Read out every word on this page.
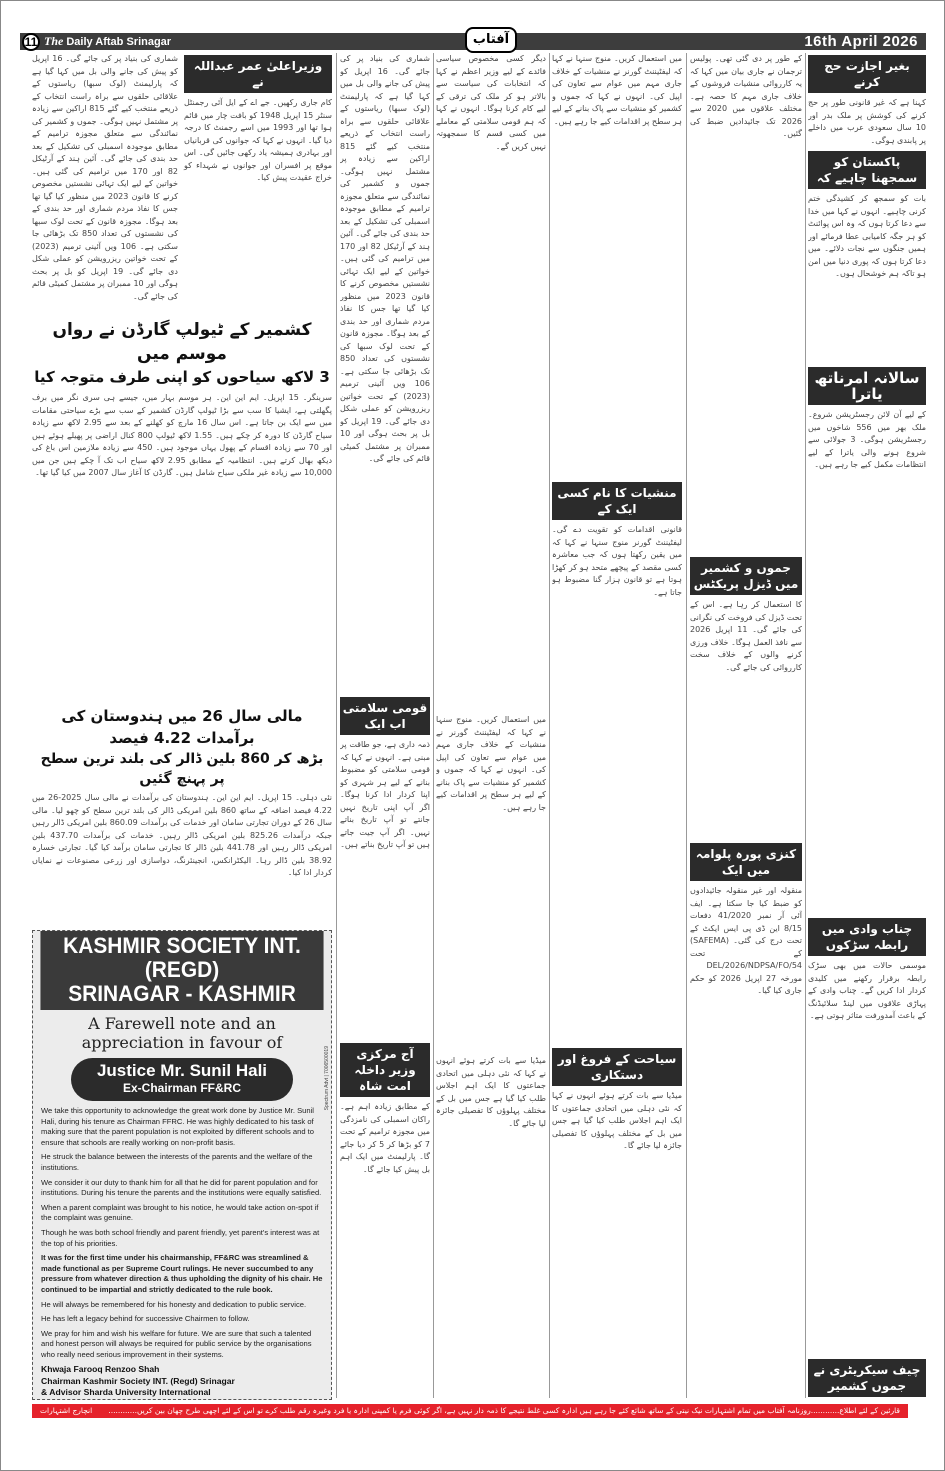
11 The Daily Aftab Srinagar	آفتاب	16th April 2026
وزیراعلیٰ عمر عبداللہ نے

کام جاری رکھیں۔ جے اے کے ایل آئی رجمنٹل سنٹر 15 اپریل 1948 کو بافت چار میں قائم ہوا تھا اور 1993 میں اسے رجمنٹ کا درجہ دیا گیا۔ انہوں نے کہا کہ جوانوں کی قربانیاں اور بہادری ہمیشہ یاد رکھی جائیں گی۔ اس موقع پر افسران اور جوانوں نے شہداء کو خراج عقیدت پیش کیا۔

شماری کی بنیاد پر کی جائے گی۔ 16 اپریل کو پیش کی جانے والی بل میں کہا گیا ہے کہ پارلیمنٹ (لوک سبھا) ریاستوں کے علاقائی حلقوں سے براہ راست انتخاب کے ذریعے منتخب کیے گئے 815 اراکین سے زیادہ پر مشتمل نہیں ہوگی۔ جموں و کشمیر کی نمائندگی سے متعلق مجوزہ ترامیم کے مطابق موجودہ اسمبلی کی تشکیل کے بعد حد بندی کی جائے گی۔ آئین ہند کے آرٹیکل 82 اور 170 میں ترامیم کی گئی ہیں۔ خواتین کے لیے ایک تہائی نشستیں مخصوص کرنے کا قانون 2023 میں منظور کیا گیا تھا جس کا نفاذ مردم شماری اور حد بندی کے بعد ہوگا۔ مجوزہ قانون کے تحت لوک سبھا کی نشستوں کی تعداد 850 تک بڑھائی جا سکتی ہے۔ 106 ویں آئینی ترمیم (2023) کے تحت خواتین ریزرویشن کو عملی شکل دی جائے گی۔ 19 اپریل کو بل پر بحث ہوگی اور 10 ممبران پر مشتمل کمیٹی قائم کی جائے گی۔

کشمیر کے ٹیولپ گارڈن نے رواں موسم میں
3 لاکھ سیاحوں کو اپنی طرف متوجہ کیا

سرینگر۔ 15 اپریل۔ ایم این این۔ ہر موسم بہار میں، جیسے ہی سری نگر میں برف پگھلتی ہے، ایشیا کا سب سے بڑا ٹیولپ گارڈن کشمیر کے سب سے بڑے سیاحتی مقامات میں سے ایک بن جاتا ہے۔ اس سال 16 مارچ کو کھلنے کے بعد سے 2.95 لاکھ سے زیادہ سیاح گارڈن کا دورہ کر چکے ہیں۔ 1.55 لاکھ ٹیولپ 800 کنال اراضی پر پھیلے ہوئے ہیں اور 70 سے زیادہ اقسام کے پھول یہاں موجود ہیں۔ 450 سے زیادہ ملازمین اس باغ کی دیکھ بھال کرتے ہیں۔ انتظامیہ کے مطابق 2.95 لاکھ سیاح اب تک آ چکے ہیں جن میں 10,000 سے زیادہ غیر ملکی سیاح شامل ہیں۔ گارڈن کا آغاز سال 2007 میں کیا گیا تھا۔

مالی سال 26 میں ہندوستان کی برآمدات 4.22 فیصد
بڑھ کر 860 بلین ڈالر کی بلند ترین سطح پر پہنچ گئیں

نئی دہلی۔ 15 اپریل۔ ایم این این۔ ہندوستان کی برآمدات نے مالی سال 2025-26 میں 4.22 فیصد اضافہ کے ساتھ 860 بلین امریکی ڈالر کی بلند ترین سطح کو چھو لیا۔ مالی سال 26 کے دوران تجارتی سامان اور خدمات کی برآمدات 860.09 بلین امریکی ڈالر رہیں جبکہ درآمدات 825.26 بلین امریکی ڈالر رہیں۔ خدمات کی برآمدات 437.70 بلین امریکی ڈالر رہیں اور 441.78 بلین ڈالر کا تجارتی سامان برآمد کیا گیا۔ تجارتی خسارہ 38.92 بلین ڈالر رہا۔ الیکٹرانکس، انجینئرنگ، دواسازی اور زرعی مصنوعات نے نمایاں کردار ادا کیا۔

شماری کی بنیاد پر کی جائے گی۔ 16 اپریل کو پیش کی جانے والی بل میں کہا گیا ہے کہ پارلیمنٹ (لوک سبھا) ریاستوں کے علاقائی حلقوں سے براہ راست انتخاب کے ذریعے منتخب کیے گئے 815 اراکین سے زیادہ پر مشتمل نہیں ہوگی۔ جموں و کشمیر کی نمائندگی سے متعلق مجوزہ ترامیم کے مطابق موجودہ اسمبلی کی تشکیل کے بعد حد بندی کی جائے گی۔ آئین ہند کے آرٹیکل 82 اور 170 میں ترامیم کی گئی ہیں۔ خواتین کے لیے ایک تہائی نشستیں مخصوص کرنے کا قانون 2023 میں منظور کیا گیا تھا جس کا نفاذ مردم شماری اور حد بندی کے بعد ہوگا۔ مجوزہ قانون کے تحت لوک سبھا کی نشستوں کی تعداد 850 تک بڑھائی جا سکتی ہے۔ 106 ویں آئینی ترمیم (2023) کے تحت خواتین ریزرویشن کو عملی شکل دی جائے گی۔ 19 اپریل کو بل پر بحث ہوگی اور 10 ممبران پر مشتمل کمیٹی قائم کی جائے گی۔

قومی سلامتی اب ایک

ذمہ داری ہے، جو طاقت پر مبنی ہے۔ انہوں نے کہا کہ قومی سلامتی کو مضبوط بنانے کے لیے ہر شہری کو اپنا کردار ادا کرنا ہوگا۔ اگر آپ اپنی تاریخ نہیں جانتے تو آپ تاریخ بناتے نہیں۔ اگر آپ جیت جاتے ہیں تو آپ تاریخ بناتے ہیں۔

آج مرکزی وزیر داخلہ امت شاہ

کے مطابق زیادہ اہم ہے۔ راکان اسمبلی کی نامزدگی میں مجوزہ ترامیم کے تحت 7 کو بڑھا کر 5 کر دیا جائے گا۔ پارلیمنٹ میں ایک اہم بل پیش کیا جائے گا۔

دیگر کسی مخصوص سیاسی فائدے کے لیے وزیر اعظم نے کہا کہ انتخابات کی سیاست سے بالاتر ہو کر ملک کی ترقی کے لیے کام کرنا ہوگا۔ انہوں نے کہا کہ ہم قومی سلامتی کے معاملے میں کسی قسم کا سمجھوتہ نہیں کریں گے۔

میں استعمال کریں۔ منوج سنہا نے کہا کہ لیفٹیننٹ گورنر نے منشیات کے خلاف جاری مہم میں عوام سے تعاون کی اپیل کی۔ انہوں نے کہا کہ جموں و کشمیر کو منشیات سے پاک بنانے کے لیے ہر سطح پر اقدامات کیے جا رہے ہیں۔

میڈیا سے بات کرتے ہوئے انہوں نے کہا کہ نئی دہلی میں اتحادی جماعتوں کا ایک اہم اجلاس طلب کیا گیا ہے جس میں بل کے مختلف پہلوؤں کا تفصیلی جائزہ لیا جائے گا۔

میں استعمال کریں۔ منوج سنہا نے کہا کہ لیفٹیننٹ گورنر نے منشیات کے خلاف جاری مہم میں عوام سے تعاون کی اپیل کی۔ انہوں نے کہا کہ جموں و کشمیر کو منشیات سے پاک بنانے کے لیے ہر سطح پر اقدامات کیے جا رہے ہیں۔

منشیات کا نام کسی ایک کے

قانونی اقدامات کو تقویت دے گی۔ لیفٹیننٹ گورنر منوج سنہا نے کہا کہ میں یقین رکھتا ہوں کہ جب معاشرہ کسی مقصد کے پیچھے متحد ہو کر کھڑا ہوتا ہے تو قانون ہزار گنا مضبوط ہو جاتا ہے۔

سیاحت کے فروغ اور دستکاری

میڈیا سے بات کرتے ہوئے انہوں نے کہا کہ نئی دہلی میں اتحادی جماعتوں کا ایک اہم اجلاس طلب کیا گیا ہے جس میں بل کے مختلف پہلوؤں کا تفصیلی جائزہ لیا جائے گا۔

کے طور پر دی گئی تھی۔ پولیس ترجمان نے جاری بیان میں کہا کہ یہ کارروائی منشیات فروشوں کے خلاف جاری مہم کا حصہ ہے۔ مختلف علاقوں میں 2020 سے 2026 تک جائیدادیں ضبط کی گئیں۔

جموں و کشمیر میں ڈیزل پریکٹس

کا استعمال کر رہا ہے۔ اس کے تحت ڈیزل کی فروخت کی نگرانی کی جائے گی۔ 11 اپریل 2026 سے نافذ العمل ہوگا۔ خلاف ورزی کرنے والوں کے خلاف سخت کارروائی کی جائے گی۔

کنزی پورہ پلوامہ میں ایک

منقولہ اور غیر منقولہ جائیدادوں کو ضبط کیا جا سکتا ہے۔ ایف آئی آر نمبر 41/2020 دفعات 8/15 این ڈی پی ایس ایکٹ کے تحت درج کی گئی۔ (SAFEMA) کے تحت DEL/2026/NDPSA/FO/54 مورخہ 27 اپریل 2026 کو حکم جاری کیا گیا۔

بغیر اجازت حج کرنے

کہنا ہے کہ غیر قانونی طور پر حج کرنے کی کوشش پر ملک بدر اور 10 سال سعودی عرب میں داخلے پر پابندی ہوگی۔

پاکستان کو سمجھنا چاہیے کہ

بات کو سمجھ کر کشیدگی ختم کرنی چاہیے۔ انہوں نے کہا میں خدا سے دعا کرتا ہوں کہ وہ اس پوائنٹ کو ہر جگہ کامیابی عطا فرمائے اور ہمیں جنگوں سے نجات دلائے۔ میں دعا کرتا ہوں کہ پوری دنیا میں امن ہو تاکہ ہم خوشحال ہوں۔

سالانہ امرناتھ یاترا

کے لیے آن لائن رجسٹریشن شروع۔ ملک بھر میں 556 شاخوں میں رجسٹریشن ہوگی۔ 3 جولائی سے شروع ہونے والی یاترا کے لیے انتظامات مکمل کیے جا رہے ہیں۔

چناب وادی میں رابطہ سڑکوں

موسمی حالات میں بھی سڑک رابطہ برقرار رکھنے میں کلیدی کردار ادا کریں گے۔ چناب وادی کے پہاڑی علاقوں میں لینڈ سلائیڈنگ کے باعث آمدورفت متاثر ہوتی ہے۔

چیف سیکریٹری نے جموں کشمیر

KASHMIR SOCIETY INT. (REGD)
SRINAGAR - KASHMIR
A Farewell note and an
appreciation in favour of
Justice Mr. Sunil Hali
Ex-Chairman FF&RC

We take this opportunity to acknowledge the great work done by Justice Mr. Sunil Hali, during his tenure as Chairman FFRC. He was highly dedicated to his task of making sure that the parent population is not exploited by different schools and to ensure that schools are really working on non-profit basis.

He struck the balance between the interests of the parents and the welfare of the institutions.

We consider it our duty to thank him for all that he did for parent population and for institutions. During his tenure the parents and the institutions were equally satisfied.

When a parent complaint was brought to his notice, he would take action on-spot if the complaint was genuine.

Though he was both school friendly and parent friendly, yet parent's interest was at the top of his priorities.

It was for the first time under his chairmanship, FF&RC was streamlined & made functional as per Supreme Court rulings. He never succumbed to any pressure from whatever direction & thus upholding the dignity of his chair. He continued to be impartial and strictly dedicated to the rule book.

He will always be remembered for his honesty and dedication to public service.

He has left a legacy behind for successive Chairmen to follow.

We pray for him and wish his welfare for future. We are sure that such a talented and honest person will always be required for public service by the organisations who really need serious improvement in their systems.

Khwaja Farooq Renzoo Shah
Chairman Kashmir Society INT. (Regd) Srinagar
& Advisor Sharda University International
Spectrum Advt | 7006500019
قارئین کے لئے اطلاع
............روزنامہ آفتاب میں تمام اشتہارات نیک نیتی کے ساتھ شائع کئے جا رہے ہیں ادارہ کسی غلط نتیجے کا ذمہ دار نہیں ہے، اگر کوئی فرم یا کمپنی ادارہ یا فرد وغیرہ رقم طلب کرے تو اس کے لئے اچھی طرح چھان بین کریں............
انچارج اشتہارات
